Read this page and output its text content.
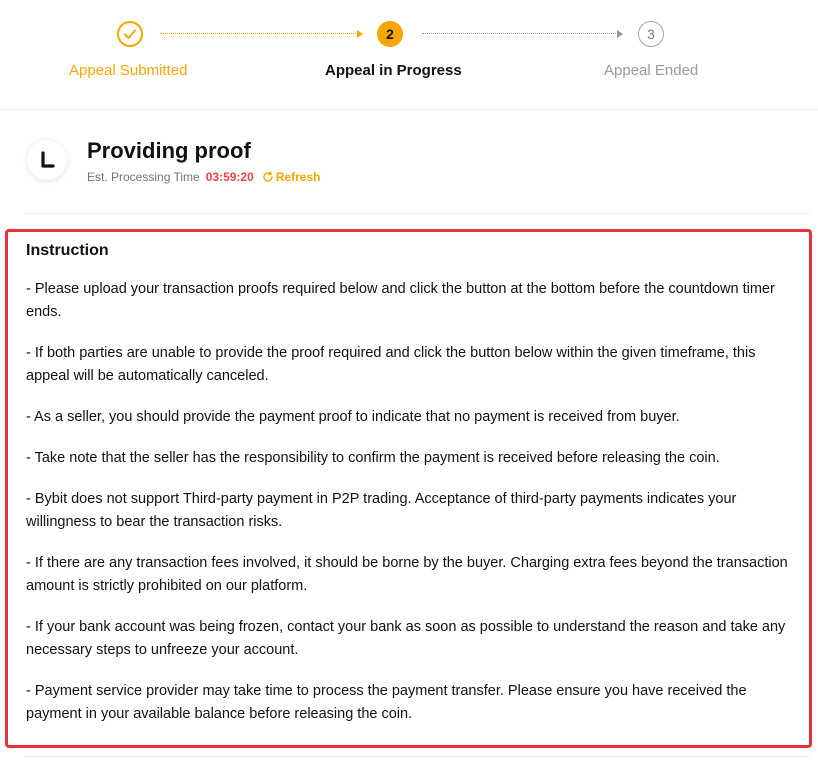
2	3
Appeal Submitted	Appeal in Progress	Appeal Ended
Providing proof
Est. Processing Time 03:59:20 Refresh
Instruction
- Please upload your transaction proofs required below and click the button at the bottom before the countdown timer ends.
- If both parties are unable to provide the proof required and click the button below within the given timeframe, this appeal will be automatically canceled.
- As a seller, you should provide the payment proof to indicate that no payment is received from buyer.
- Take note that the seller has the responsibility to confirm the payment is received before releasing the coin.
- Bybit does not support Third-party payment in P2P trading. Acceptance of third-party payments indicates your willingness to bear the transaction risks.
- If there are any transaction fees involved, it should be borne by the buyer. Charging extra fees beyond the transaction amount is strictly prohibited on our platform.
- If your bank account was being frozen, contact your bank as soon as possible to understand the reason and take any necessary steps to unfreeze your account.
- Payment service provider may take time to process the payment transfer. Please ensure you have received the payment in your available balance before releasing the coin.
